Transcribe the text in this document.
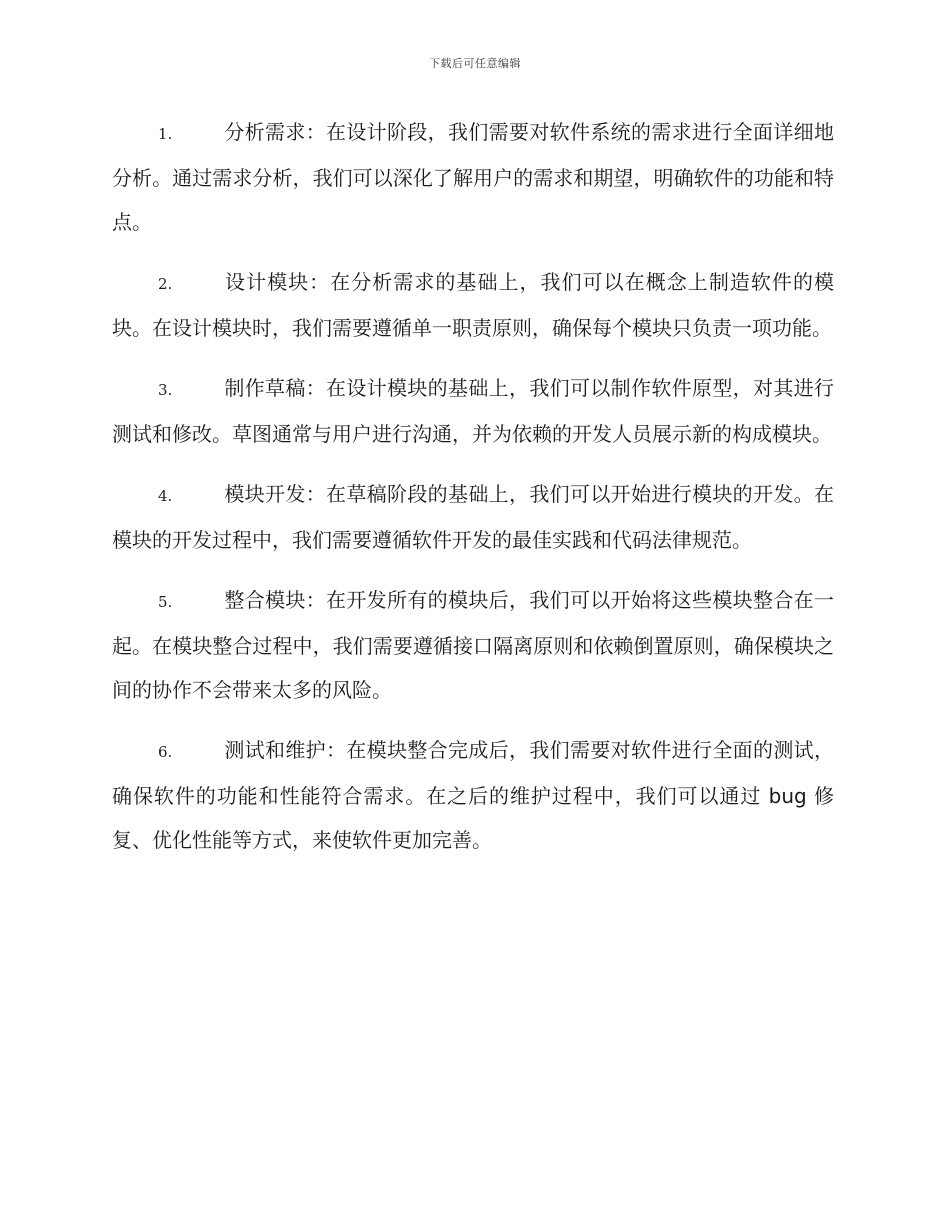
下载后可任意编辑

1.	分析需求：在设计阶段，我们需要对软件系统的需求进行全面详细地分析。通过需求分析，我们可以深化了解用户的需求和期望，明确软件的功能和特点。

2.	设计模块：在分析需求的基础上，我们可以在概念上制造软件的模块。在设计模块时，我们需要遵循单一职责原则，确保每个模块只负责一项功能。

3.	制作草稿：在设计模块的基础上，我们可以制作软件原型，对其进行测试和修改。草图通常与用户进行沟通，并为依赖的开发人员展示新的构成模块。

4.	模块开发：在草稿阶段的基础上，我们可以开始进行模块的开发。在模块的开发过程中，我们需要遵循软件开发的最佳实践和代码法律规范。

5.	整合模块：在开发所有的模块后，我们可以开始将这些模块整合在一起。在模块整合过程中，我们需要遵循接口隔离原则和依赖倒置原则，确保模块之间的协作不会带来太多的风险。

6.	测试和维护：在模块整合完成后，我们需要对软件进行全面的测试，确保软件的功能和性能符合需求。在之后的维护过程中，我们可以通过 bug 修复、优化性能等方式，来使软件更加完善。
